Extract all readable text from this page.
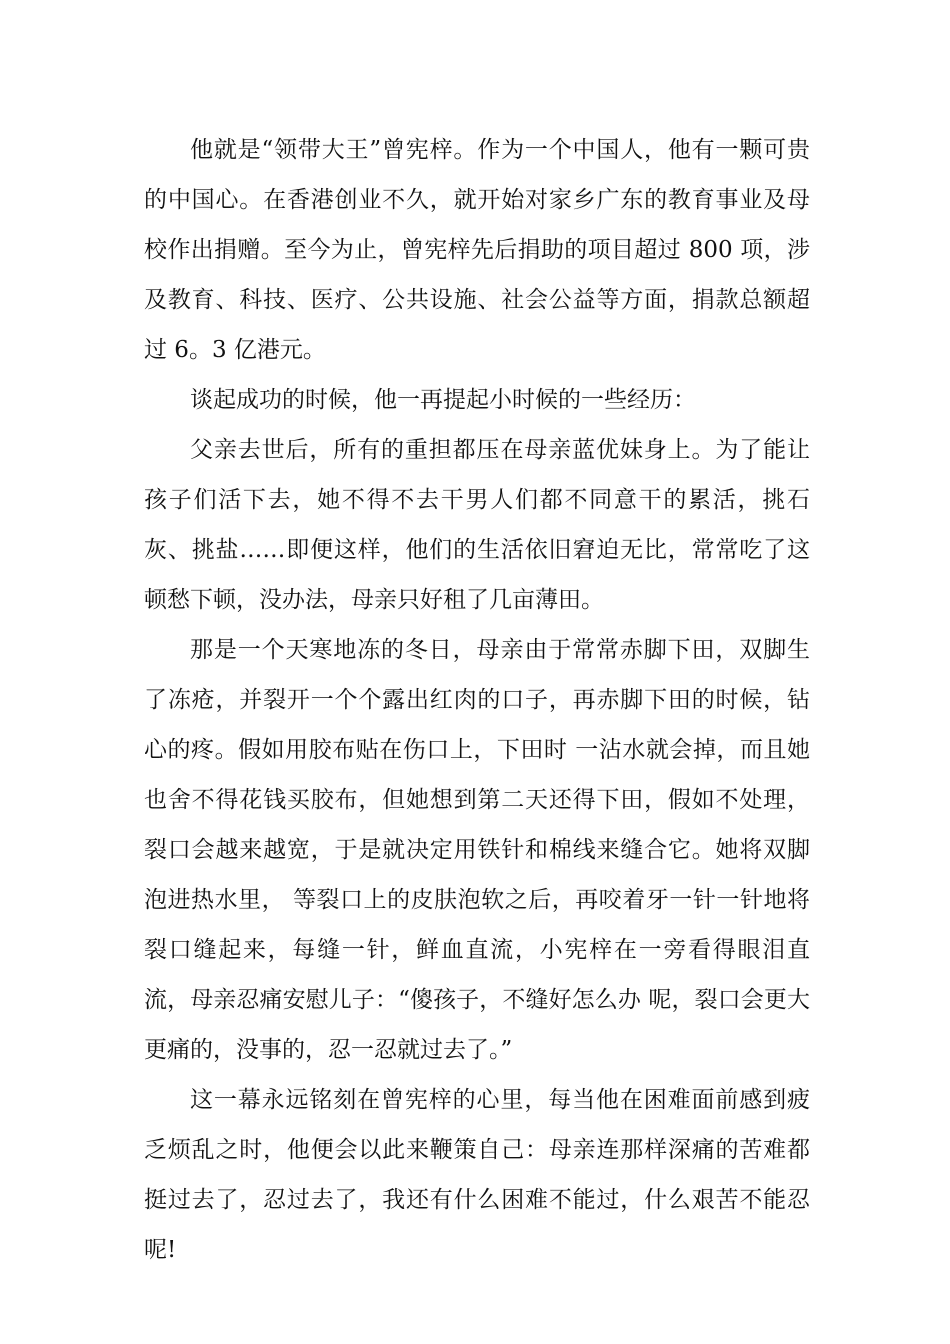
他就是“领带大王”曾宪梓。作为一个中国人，他有一颗可贵的中国心。在香港创业不久，就开始对家乡广东的教育事业及母校作出捐赠。至今为止，曾宪梓先后捐助的项目超过 800 项，涉及教育、科技、医疗、公共设施、社会公益等方面，捐款总额超过 6。3 亿港元。

谈起成功的时候，他一再提起小时候的一些经历：

父亲去世后，所有的重担都压在母亲蓝优妹身上。为了能让孩子们活下去，她不得不去干男人们都不同意干的累活，挑石灰、挑盐……即便这样，他们的生活依旧窘迫无比，常常吃了这顿愁下顿，没办法，母亲只好租了几亩薄田。

那是一个天寒地冻的冬日，母亲由于常常赤脚下田，双脚生了冻疮，并裂开一个个露出红肉的口子，再赤脚下田的时候，钻心的疼。假如用胶布贴在伤口上，下田时 一沾水就会掉，而且她也舍不得花钱买胶布，但她想到第二天还得下田，假如不处理，裂口会越来越宽，于是就决定用铁针和棉线来缝合它。她将双脚泡进热水里， 等裂口上的皮肤泡软之后，再咬着牙一针一针地将裂口缝起来，每缝一针，鲜血直流，小宪梓在一旁看得眼泪直流，母亲忍痛安慰儿子：“傻孩子，不缝好怎么办 呢，裂口会更大更痛的，没事的，忍一忍就过去了。”

这一幕永远铭刻在曾宪梓的心里，每当他在困难面前感到疲乏烦乱之时，他便会以此来鞭策自己：母亲连那样深痛的苦难都挺过去了，忍过去了，我还有什么困难不能过，什么艰苦不能忍呢!
